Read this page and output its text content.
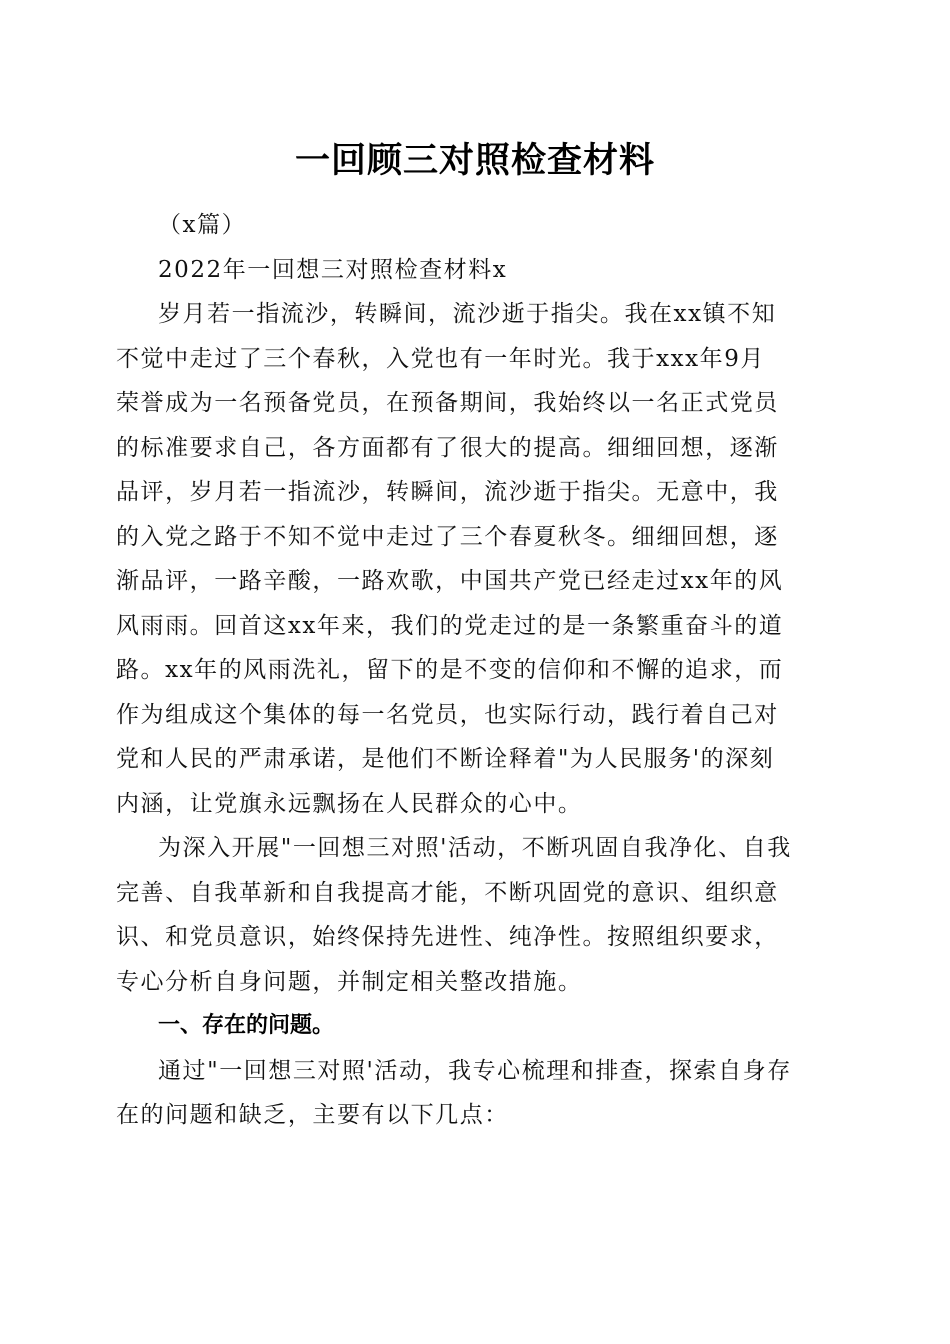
一回顾三对照检查材料

（x篇）

2022年一回想三对照检查材料x

岁月若一指流沙，转瞬间，流沙逝于指尖。我在xx镇不知
不觉中走过了三个春秋，入党也有一年时光。我于xxx年9月
荣誉成为一名预备党员，在预备期间，我始终以一名正式党员
的标准要求自己，各方面都有了很大的提高。细细回想，逐渐
品评，岁月若一指流沙，转瞬间，流沙逝于指尖。无意中，我
的入党之路于不知不觉中走过了三个春夏秋冬。细细回想，逐
渐品评，一路辛酸，一路欢歌，中国共产党已经走过xx年的风
风雨雨。回首这xx年来，我们的党走过的是一条繁重奋斗的道
路。xx年的风雨洗礼，留下的是不变的信仰和不懈的追求，而
作为组成这个集体的每一名党员，也实际行动，践行着自己对
党和人民的严肃承诺，是他们不断诠释着"为人民服务'的深刻
内涵，让党旗永远飘扬在人民群众的心中。

为深入开展"一回想三对照'活动，不断巩固自我净化、自我
完善、自我革新和自我提高才能，不断巩固党的意识、组织意
识、和党员意识，始终保持先进性、纯净性。按照组织要求，
专心分析自身问题，并制定相关整改措施。

一、存在的问题。

通过"一回想三对照'活动，我专心梳理和排查，探索自身存
在的问题和缺乏，主要有以下几点：
